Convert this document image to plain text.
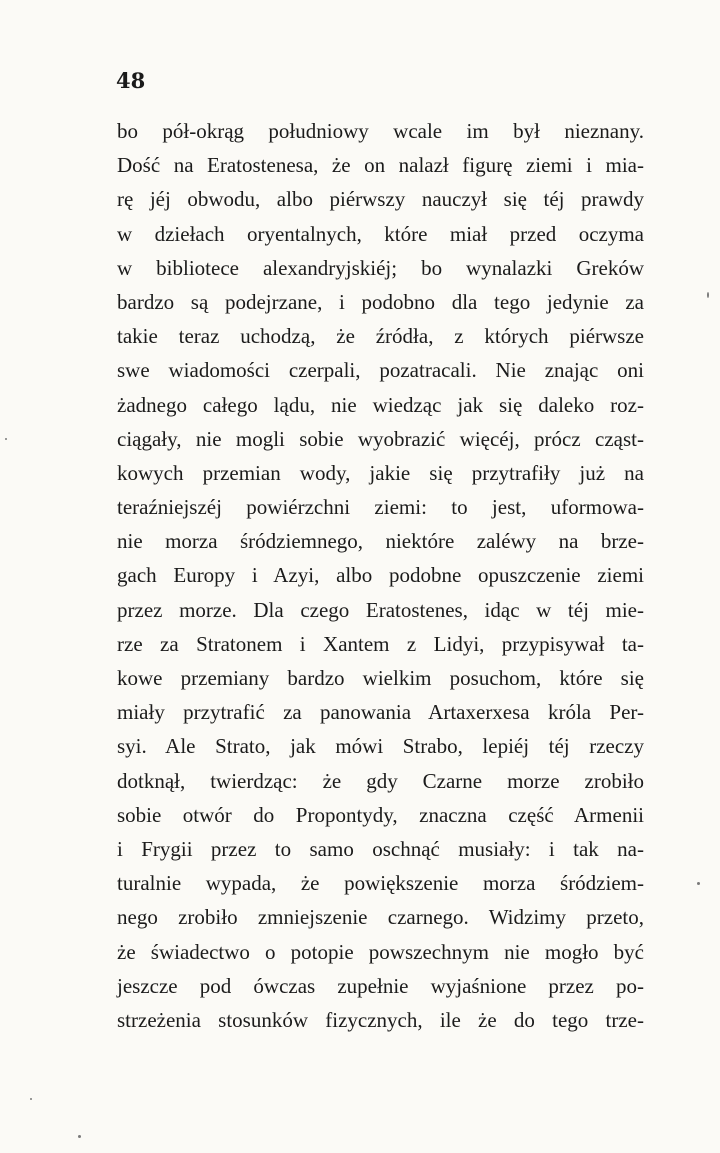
48
bo pół-okrąg południowy wcale im był nieznany.
Dość na Eratostenesa, że on nalazł figurę ziemi i mia-
rę jéj obwodu, albo piérwszy nauczył się téj prawdy
w dziełach oryentalnych, które miał przed oczyma
w bibliotece alexandryjskiéj; bo wynalazki Greków
bardzo są podejrzane, i podobno dla tego jedynie za
takie teraz uchodzą, że źródła, z których piérwsze
swe wiadomości czerpali, pozatracali. Nie znając oni
żadnego całego lądu, nie wiedząc jak się daleko roz-
ciągały, nie mogli sobie wyobrazić więcéj, prócz cząst-
kowych przemian wody, jakie się przytrafiły już na
teraźniejszéj powiérzchni ziemi: to jest, uformowa-
nie morza śródziemnego, niektóre zaléwy na brze-
gach Europy i Azyi, albo podobne opuszczenie ziemi
przez morze. Dla czego Eratostenes, idąc w téj mie-
rze za Stratonem i Xantem z Lidyi, przypisywał ta-
kowe przemiany bardzo wielkim posuchom, które się
miały przytrafić za panowania Artaxerxesa króla Per-
syi. Ale Strato, jak mówi Strabo, lepiéj téj rzeczy
dotknął, twierdząc: że gdy Czarne morze zrobiło
sobie otwór do Propontydy, znaczna część Armenii
i Frygii przez to samo oschnąć musiały: i tak na-
turalnie wypada, że powiększenie morza śródziem-
nego zrobiło zmniejszenie czarnego. Widzimy przeto,
że świadectwo o potopie powszechnym nie mogło być
jeszcze pod ówczas zupełnie wyjaśnione przez po-
strzeżenia stosunków fizycznych, ile że do tego trze-
